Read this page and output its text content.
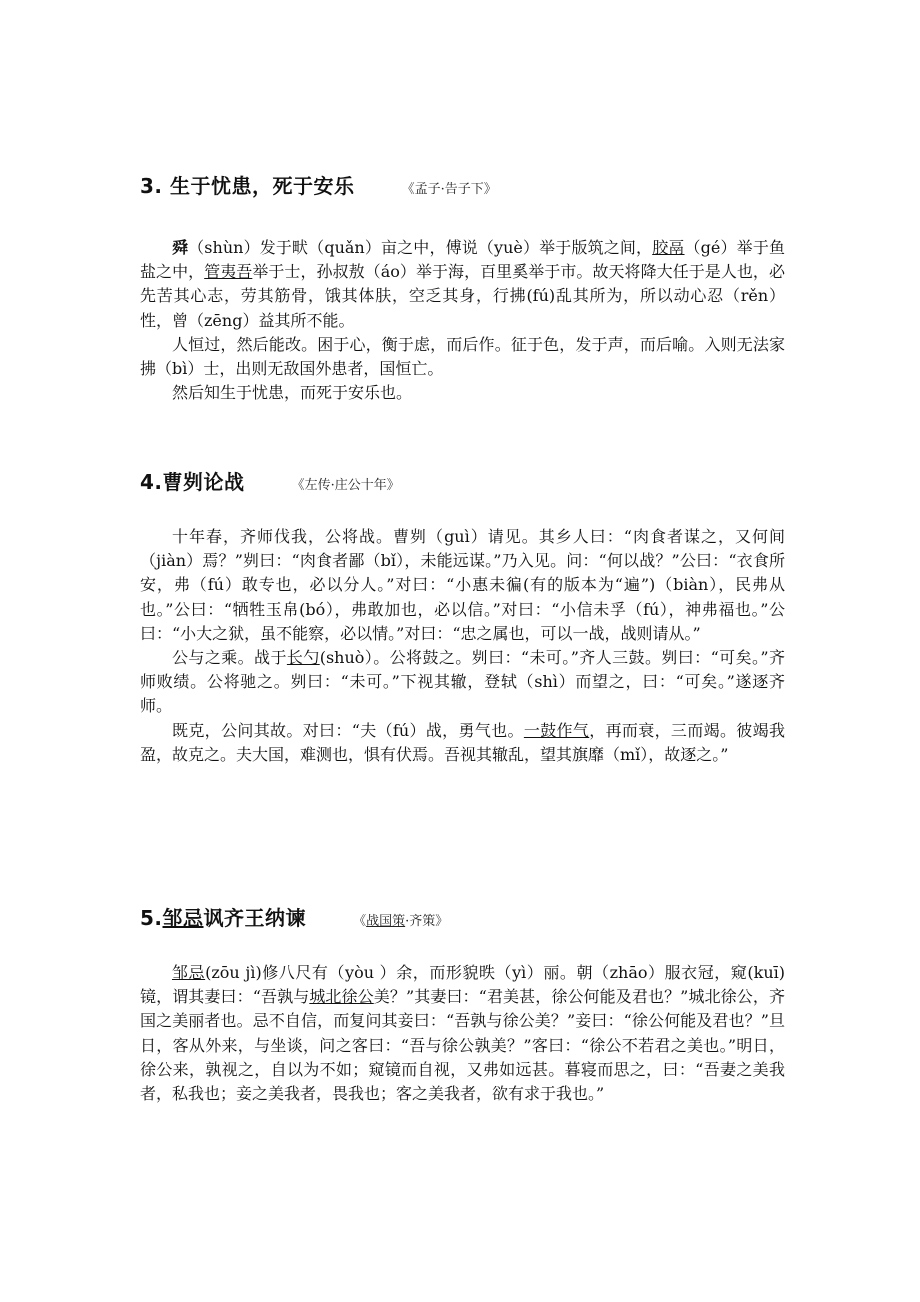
3. 生于忧患，死于安乐	《孟子·告子下》

舜（shùn）发于畎（quǎn）亩之中，傅说（yuè）举于版筑之间，胶鬲（gé）举于鱼盐之中，管夷吾举于士，孙叔敖（áo）举于海，百里奚举于市。故天将降大任于是人也，必先苦其心志，劳其筋骨，饿其体肤，空乏其身，行拂(fú)乱其所为，所以动心忍（rěn）性，曾（zēng）益其所不能。

人恒过，然后能改。困于心，衡于虑，而后作。征于色，发于声，而后喻。入则无法家拂（bì）士，出则无敌国外患者，国恒亡。

然后知生于忧患，而死于安乐也。

4.曹刿论战	《左传·庄公十年》

十年春，齐师伐我，公将战。曹刿（guì）请见。其乡人曰：“肉食者谋之，又何间（jiàn）焉？”刿曰：“肉食者鄙（bǐ），未能远谋。”乃入见。问：“何以战？”公曰：“衣食所安，弗（fú）敢专也，必以分人。”对曰：“小惠未徧(有的版本为“遍”)（biàn），民弗从也。”公曰：“牺牲玉帛(bó），弗敢加也，必以信。”对曰：“小信未孚（fú），神弗福也。”公曰：“小大之狱，虽不能察，必以情。”对曰：“忠之属也，可以一战，战则请从。”

公与之乘。战于长勺(shuò）。公将鼓之。刿曰：“未可。”齐人三鼓。刿曰：“可矣。”齐师败绩。公将驰之。刿曰：“未可。”下视其辙，登轼（shì）而望之，曰：“可矣。”遂逐齐师。

既克，公问其故。对曰：“夫（fú）战，勇气也。一鼓作气，再而衰，三而竭。彼竭我盈，故克之。夫大国，难测也，惧有伏焉。吾视其辙乱，望其旗靡（mǐ），故逐之。”

5.邹忌讽齐王纳谏	《战国策·齐策》

邹忌(zōu jì)修八尺有（yòu ）余，而形貌昳（yì）丽。朝（zhāo）服衣冠，窥(kuī)镜，谓其妻曰：“吾孰与城北徐公美？”其妻曰：“君美甚，徐公何能及君也？”城北徐公，齐国之美丽者也。忌不自信，而复问其妾曰：“吾孰与徐公美？”妾曰：“徐公何能及君也？”旦日，客从外来，与坐谈，问之客曰：“吾与徐公孰美？”客曰：“徐公不若君之美也。”明日，徐公来，孰视之，自以为不如；窥镜而自视，又弗如远甚。暮寝而思之，曰：“吾妻之美我者，私我也；妾之美我者，畏我也；客之美我者，欲有求于我也。”
